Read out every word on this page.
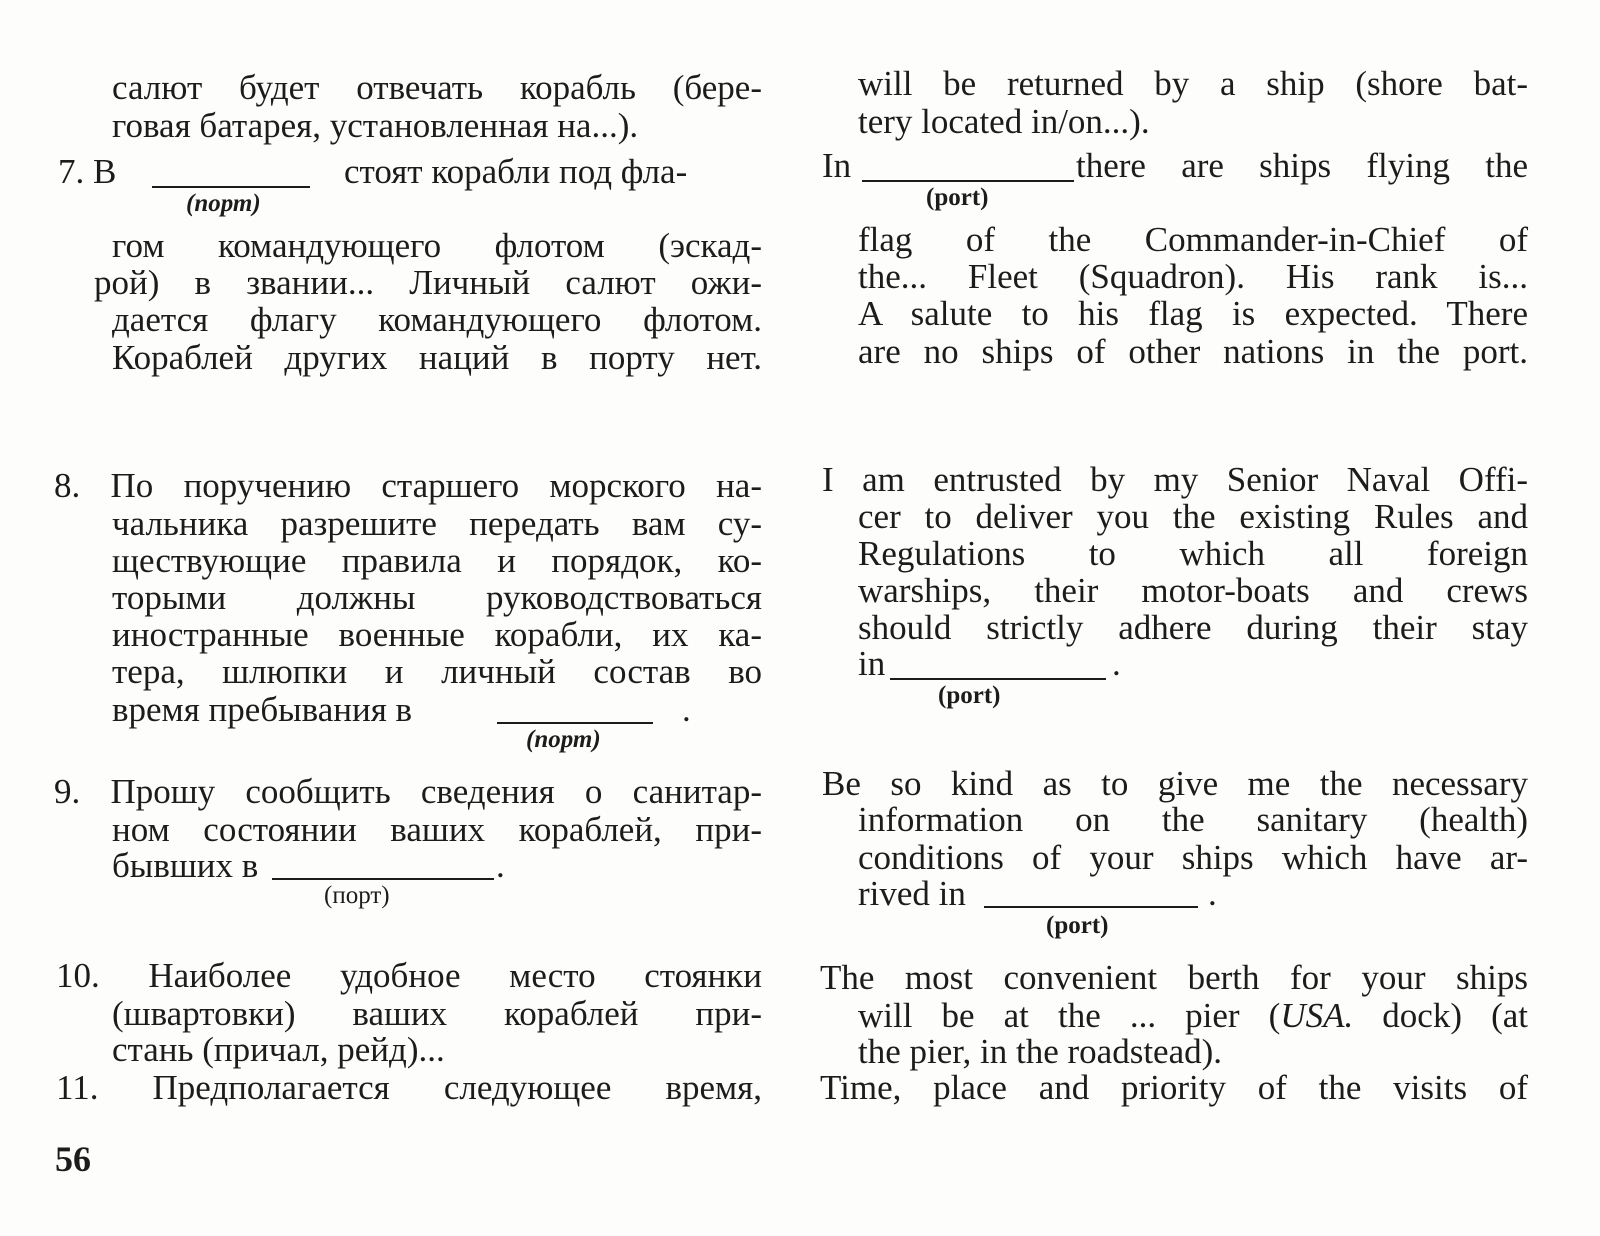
салют будет отвечать корабль (бере-
говая батарея, установленная на...).
7. В	стоят корабли под фла-
(порт)
гом командующего флотом (эскад-
рой) в звании... Личный салют ожи-
дается флагу командующего флотом.
Кораблей других наций в порту нет.
8. По поручению старшего морского на-
чальника разрешите передать вам су-
ществующие правила и порядок, ко-
торыми должны руководствоваться
иностранные военные корабли, их ка-
тера, шлюпки и личный состав во
время пребывания в	.
(порт)
9. Прошу сообщить сведения о санитар-
ном состоянии ваших кораблей, при-
бывших в	.
(порт)
10. Наиболее удобное место стоянки
(швартовки) ваших кораблей при-
стань (причал, рейд)...
11. Предполагается следующее время,
56
will be returned by a ship (shore bat-
tery located in/on...).
In	there are ships flying the
(port)
flag of the Commander-in-Chief of
the... Fleet (Squadron). His rank is...
A salute to his flag is expected. There
are no ships of other nations in the port.
I am entrusted by my Senior Naval Offi-
cer to deliver you the existing Rules and
Regulations to which all foreign
warships, their motor-boats and crews
should strictly adhere during their stay
in	.
(port)
Be so kind as to give me the necessary
information on the sanitary (health)
conditions of your ships which have ar-
rived in	.
(port)
The most convenient berth for your ships
will be at the ... pier (USA. dock) (at
the pier, in the roadstead).
Time, place and priority of the visits of
